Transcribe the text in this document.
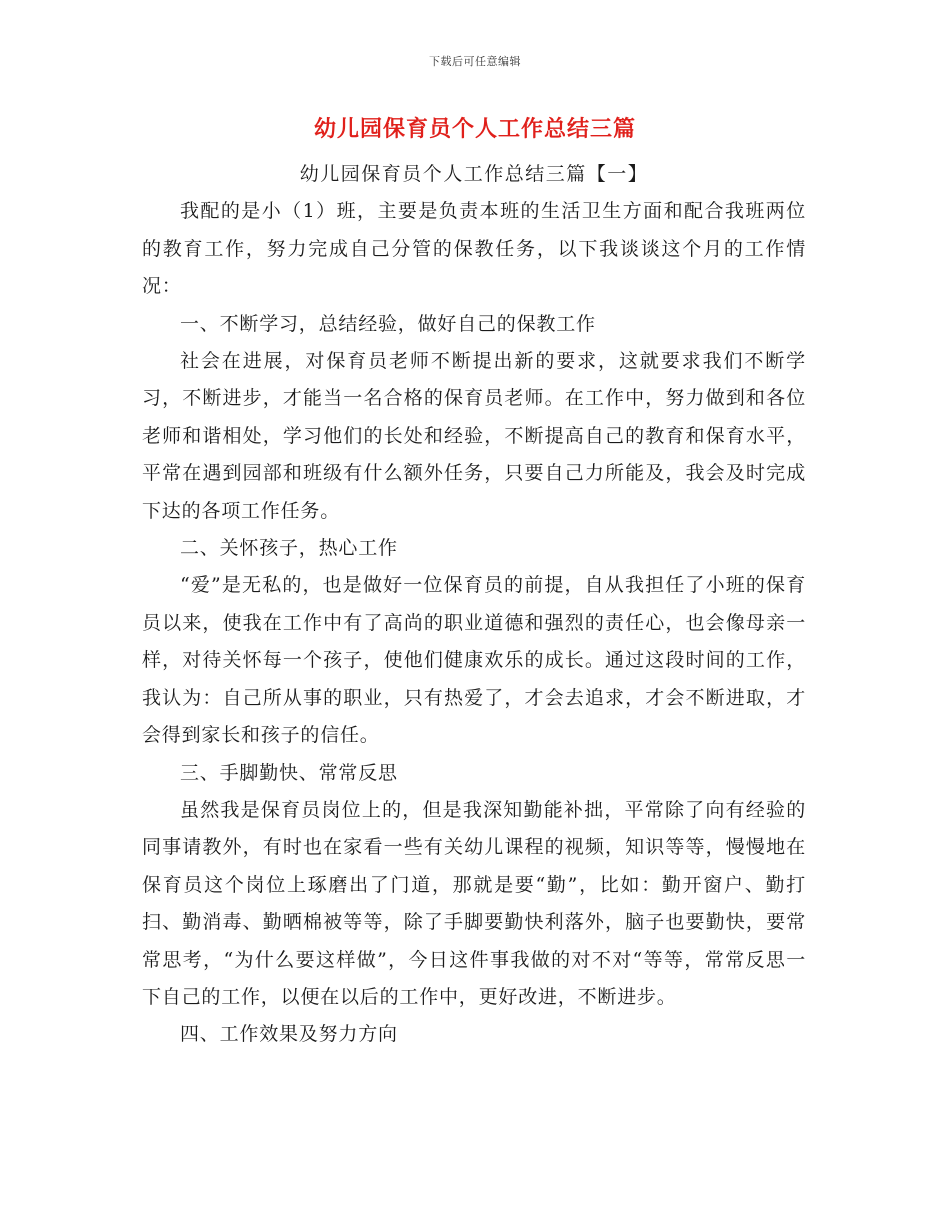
下载后可任意编辑
幼儿园保育员个人工作总结三篇

幼儿园保育员个人工作总结三篇【一】

我配的是小（1）班，主要是负责本班的生活卫生方面和配合我班两位的教育工作，努力完成自己分管的保教任务，以下我谈谈这个月的工作情况：

一、不断学习，总结经验，做好自己的保教工作

社会在进展，对保育员老师不断提出新的要求，这就要求我们不断学习，不断进步，才能当一名合格的保育员老师。在工作中，努力做到和各位老师和谐相处，学习他们的长处和经验，不断提高自己的教育和保育水平，平常在遇到园部和班级有什么额外任务，只要自己力所能及，我会及时完成下达的各项工作任务。

二、关怀孩子，热心工作

“爱”是无私的，也是做好一位保育员的前提，自从我担任了小班的保育员以来，使我在工作中有了高尚的职业道德和强烈的责任心，也会像母亲一样，对待关怀每一个孩子，使他们健康欢乐的成长。通过这段时间的工作，我认为：自己所从事的职业，只有热爱了，才会去追求，才会不断进取，才会得到家长和孩子的信任。

三、手脚勤快、常常反思

虽然我是保育员岗位上的，但是我深知勤能补拙，平常除了向有经验的同事请教外，有时也在家看一些有关幼儿课程的视频，知识等等，慢慢地在保育员这个岗位上琢磨出了门道，那就是要“勤”，比如：勤开窗户、勤打扫、勤消毒、勤晒棉被等等，除了手脚要勤快利落外，脑子也要勤快，要常常思考，“为什么要这样做”，今日这件事我做的对不对“等等，常常反思一下自己的工作，以便在以后的工作中，更好改进，不断进步。

四、工作效果及努力方向
